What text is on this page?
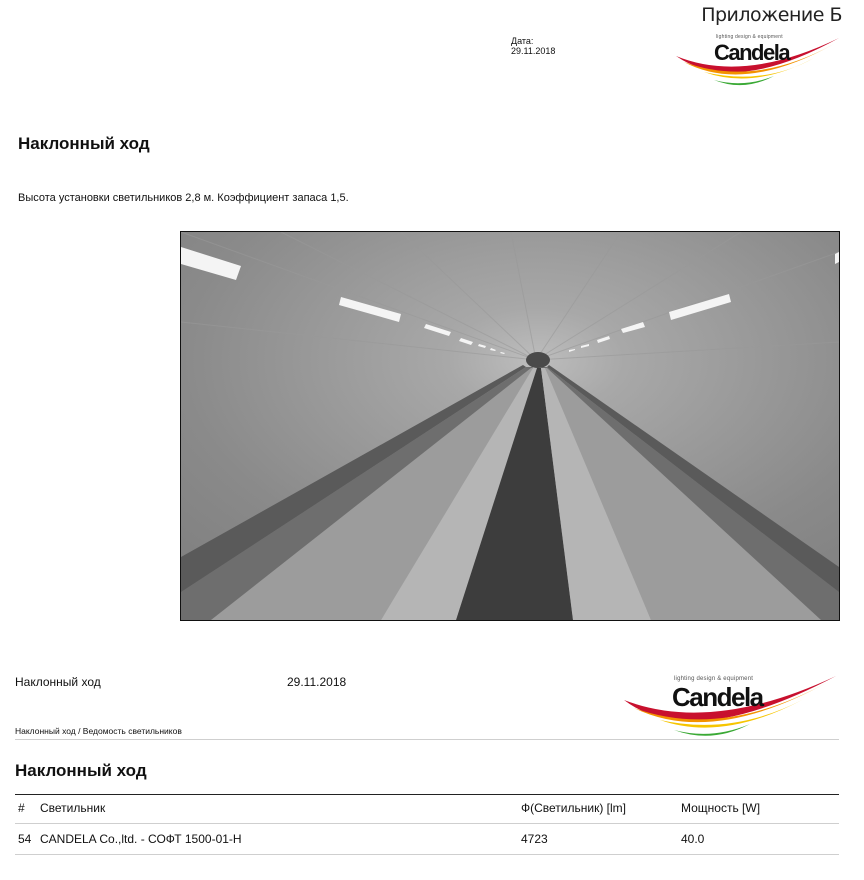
Приложение Б
Дата:
29.11.2018
lighting design & equipment
Candela
Наклонный ход
Высота установки светильников 2,8 м. Коэффициент запаса 1,5.
Наклонный ход	29.11.2018
Наклонный ход / Ведомость светильников
lighting design & equipment
Candela
Наклонный ход
# Светильник	Ф(Светильник) [lm]	Мощность [W]
54 CANDELA Co.,ltd. - СОФТ 1500-01-Н	4723	40.0
